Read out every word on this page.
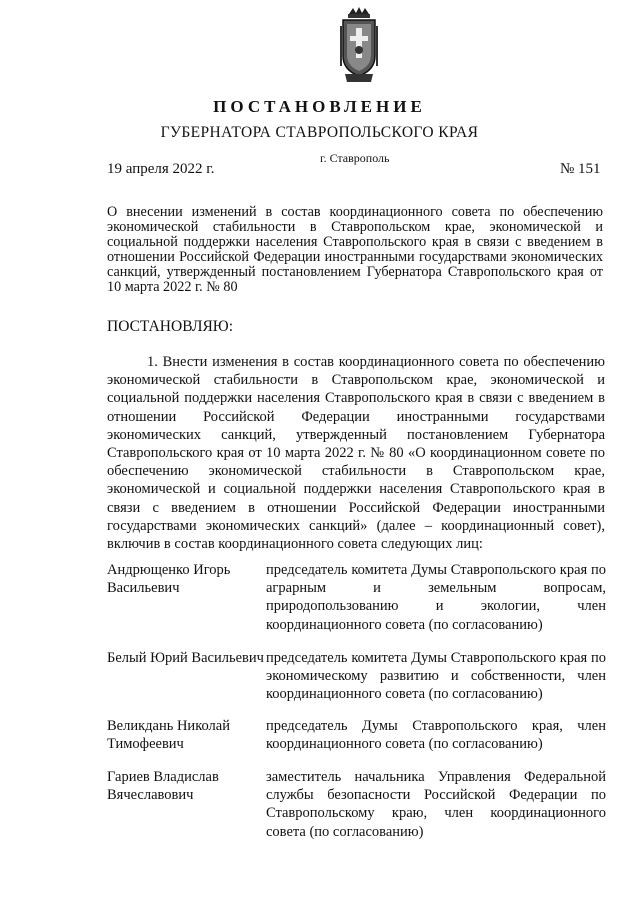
ПОСТАНОВЛЕНИЕ
ГУБЕРНАТОРА СТАВРОПОЛЬСКОГО КРАЯ
г. Ставрополь
19 апреля 2022 г.	№ 151
О внесении изменений в состав координационного совета по обеспечению экономической стабильности в Ставропольском крае, экономической и социальной поддержки населения Ставропольского края в связи с введением в отношении Российской Федерации иностранными государствами экономических санкций, утвержденный постановлением Губернатора Ставропольского края от 10 марта 2022 г. № 80
ПОСТАНОВЛЯЮ:
1. Внести изменения в состав координационного совета по обеспечению экономической стабильности в Ставропольском крае, экономической и социальной поддержки населения Ставропольского края в связи с введением в отношении Российской Федерации иностранными государствами экономических санкций, утвержденный постановлением Губернатора Ставропольского края от 10 марта 2022 г. № 80 «О координационном совете по обеспечению экономической стабильности в Ставропольском крае, экономической и социальной поддержки населения Ставропольского края в связи с введением в отношении Российской Федерации иностранными государствами экономических санкций» (далее – координационный совет), включив в состав координационного совета следующих лиц:
Андрющенко Игорь Васильевич
председатель комитета Думы Ставропольского края по аграрным и земельным вопросам, природопользованию и экологии, член координационного совета (по согласованию)
Белый Юрий Васильевич председатель комитета Думы Ставропольского края по экономическому развитию и собственности, член координационного совета (по согласованию)
Великдань Николай Тимофеевич
председатель Думы Ставропольского края, член координационного совета (по согласованию)
Гариев Владислав Вячеславович
заместитель начальника Управления Федеральной службы безопасности Российской Федерации по Ставропольскому краю, член координационного совета (по согласованию)
